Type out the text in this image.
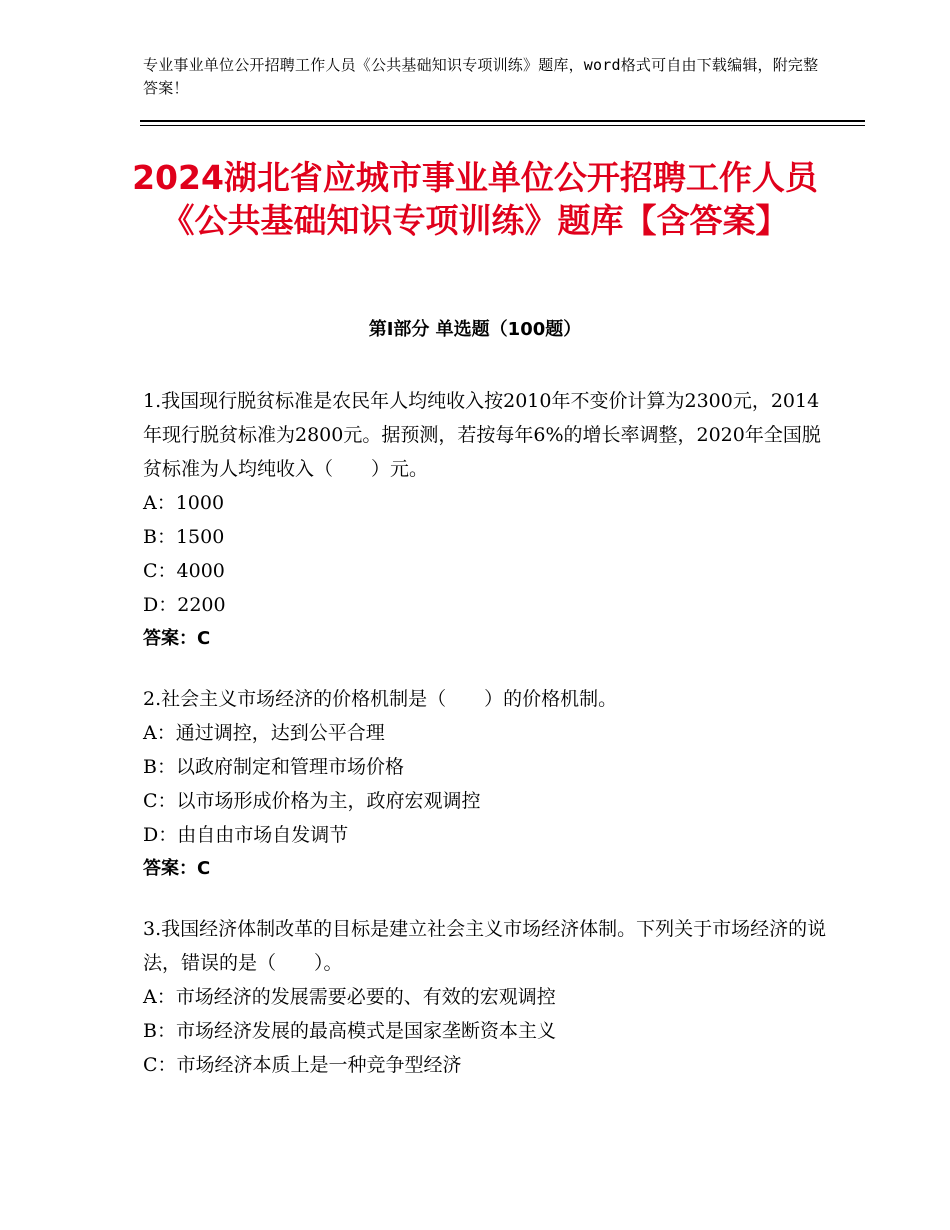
专业事业单位公开招聘工作人员《公共基础知识专项训练》题库，word格式可自由下载编辑，附完整答案！
2024湖北省应城市事业单位公开招聘工作人员《公共基础知识专项训练》题库【含答案】
第Ⅰ部分 单选题（100题）
1.我国现行脱贫标准是农民年人均纯收入按2010年不变价计算为2300元，2014年现行脱贫标准为2800元。据预测，若按每年6%的增长率调整，2020年全国脱贫标准为人均纯收入（　　）元。
A：1000
B：1500
C：4000
D：2200
答案：C
2.社会主义市场经济的价格机制是（　　）的价格机制。
A：通过调控，达到公平合理
B：以政府制定和管理市场价格
C：以市场形成价格为主，政府宏观调控
D：由自由市场自发调节
答案：C
3.我国经济体制改革的目标是建立社会主义市场经济体制。下列关于市场经济的说法，错误的是（　　）。
A：市场经济的发展需要必要的、有效的宏观调控
B：市场经济发展的最高模式是国家垄断资本主义
C：市场经济本质上是一种竞争型经济
